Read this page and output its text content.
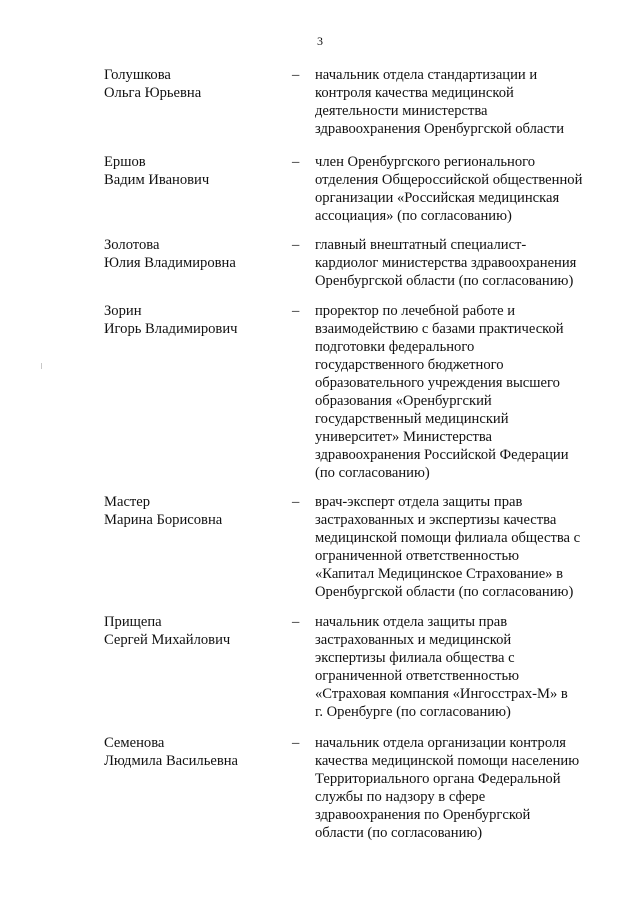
3
Голушкова
Ольга Юрьевна
– начальник отдела стандартизации и
контроля качества медицинской
деятельности министерства
здравоохранения Оренбургской области
Ершов
Вадим Иванович
– член Оренбургского регионального
отделения Общероссийской общественной
организации «Российская медицинская
ассоциация» (по согласованию)
Золотова
Юлия Владимировна
– главный внештатный специалист-
кардиолог министерства здравоохранения
Оренбургской области (по согласованию)
Зорин
Игорь Владимирович
– проректор по лечебной работе и
взаимодействию с базами практической
подготовки федерального
государственного бюджетного
образовательного учреждения высшего
образования «Оренбургский
государственный медицинский
университет» Министерства
здравоохранения Российской Федерации
(по согласованию)
Мастер
Марина Борисовна
– врач-эксперт отдела защиты прав
застрахованных и экспертизы качества
медицинской помощи филиала общества с
ограниченной ответственностью
«Капитал Медицинское Страхование» в
Оренбургской области (по согласованию)
Прищепа
Сергей Михайлович
– начальник отдела защиты прав
застрахованных и медицинской
экспертизы филиала общества с
ограниченной ответственностью
«Страховая компания «Ингосстрах-М» в
г. Оренбурге (по согласованию)
Семенова
Людмила Васильевна
– начальник отдела организации контроля
качества медицинской помощи населению
Территориального органа Федеральной
службы по надзору в сфере
здравоохранения по Оренбургской
области (по согласованию)
